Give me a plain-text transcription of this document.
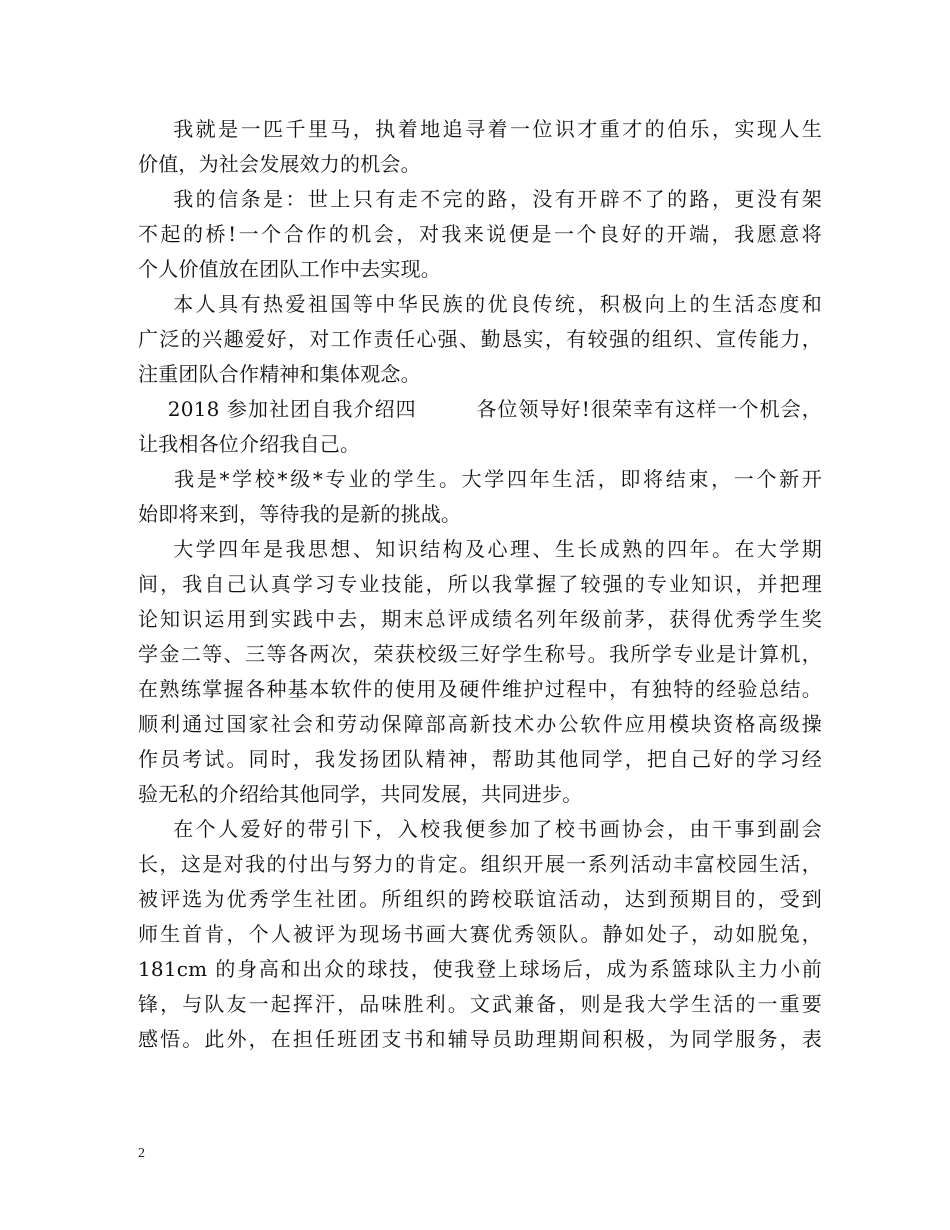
我就是一匹千里马，执着地追寻着一位识才重才的伯乐，实现人生
价值，为社会发展效力的机会。
我的信条是：世上只有走不完的路，没有开辟不了的路，更没有架
不起的桥!一个合作的机会，对我来说便是一个良好的开端，我愿意将
个人价值放在团队工作中去实现。
本人具有热爱祖国等中华民族的优良传统，积极向上的生活态度和
广泛的兴趣爱好，对工作责任心强、勤恳实，有较强的组织、宣传能力，
注重团队合作精神和集体观念。
2018 参加社团自我介绍四        各位领导好!很荣幸有这样一个机会，
让我相各位介绍我自己。
我是*学校*级*专业的学生。大学四年生活，即将结束，一个新开
始即将来到，等待我的是新的挑战。
大学四年是我思想、知识结构及心理、生长成熟的四年。在大学期
间，我自己认真学习专业技能，所以我掌握了较强的专业知识，并把理
论知识运用到实践中去，期末总评成绩名列年级前茅，获得优秀学生奖
学金二等、三等各两次，荣获校级三好学生称号。我所学专业是计算机，
在熟练掌握各种基本软件的使用及硬件维护过程中，有独特的经验总结。
顺利通过国家社会和劳动保障部高新技术办公软件应用模块资格高级操
作员考试。同时，我发扬团队精神，帮助其他同学，把自己好的学习经
验无私的介绍给其他同学，共同发展，共同进步。
在个人爱好的带引下，入校我便参加了校书画协会，由干事到副会
长，这是对我的付出与努力的肯定。组织开展一系列活动丰富校园生活，
被评选为优秀学生社团。所组织的跨校联谊活动，达到预期目的，受到
师生首肯，个人被评为现场书画大赛优秀领队。静如处子，动如脱兔，
181cm 的身高和出众的球技，使我登上球场后，成为系篮球队主力小前
锋，与队友一起挥汗，品味胜利。文武兼备，则是我大学生活的一重要
感悟。此外，在担任班团支书和辅导员助理期间积极，为同学服务，表
2
